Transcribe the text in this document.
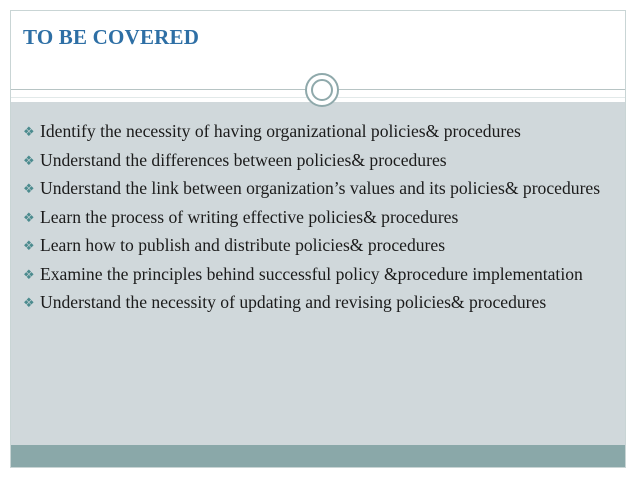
TO BE COVERED
❖ Identify the necessity of having organizational policies& procedures
❖ Understand the differences between policies& procedures
❖ Understand the link between organization’s values and its policies& procedures
❖ Learn the process of writing effective policies& procedures
❖ Learn how to publish and distribute policies& procedures
❖ Examine the principles behind successful policy &procedure implementation
❖ Understand the necessity of updating and revising policies& procedures
